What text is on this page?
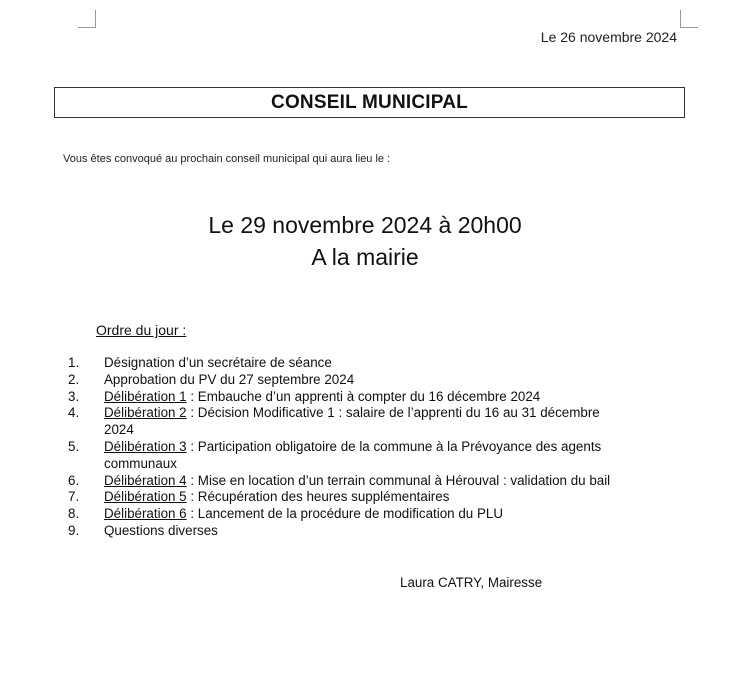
Le 26 novembre 2024
CONSEIL MUNICIPAL
Vous êtes convoqué au prochain conseil municipal qui aura lieu le :
Le 29 novembre 2024 à 20h00
A la mairie
Ordre du jour :
1.	Désignation d’un secrétaire de séance
2.	Approbation du PV du 27 septembre 2024
3.	Délibération 1 : Embauche d’un apprenti à compter du 16 décembre 2024
4.	Délibération 2 : Décision Modificative 1 : salaire de l’apprenti du 16 au 31 décembre
2024
5.	Délibération 3 : Participation obligatoire de la commune à la Prévoyance des agents
communaux
6.	Délibération 4 : Mise en location d’un terrain communal à Hérouval : validation du bail
7.	Délibération 5 : Récupération des heures supplémentaires
8.	Délibération 6 : Lancement de la procédure de modification du PLU
9.	Questions diverses
Laura CATRY, Mairesse
